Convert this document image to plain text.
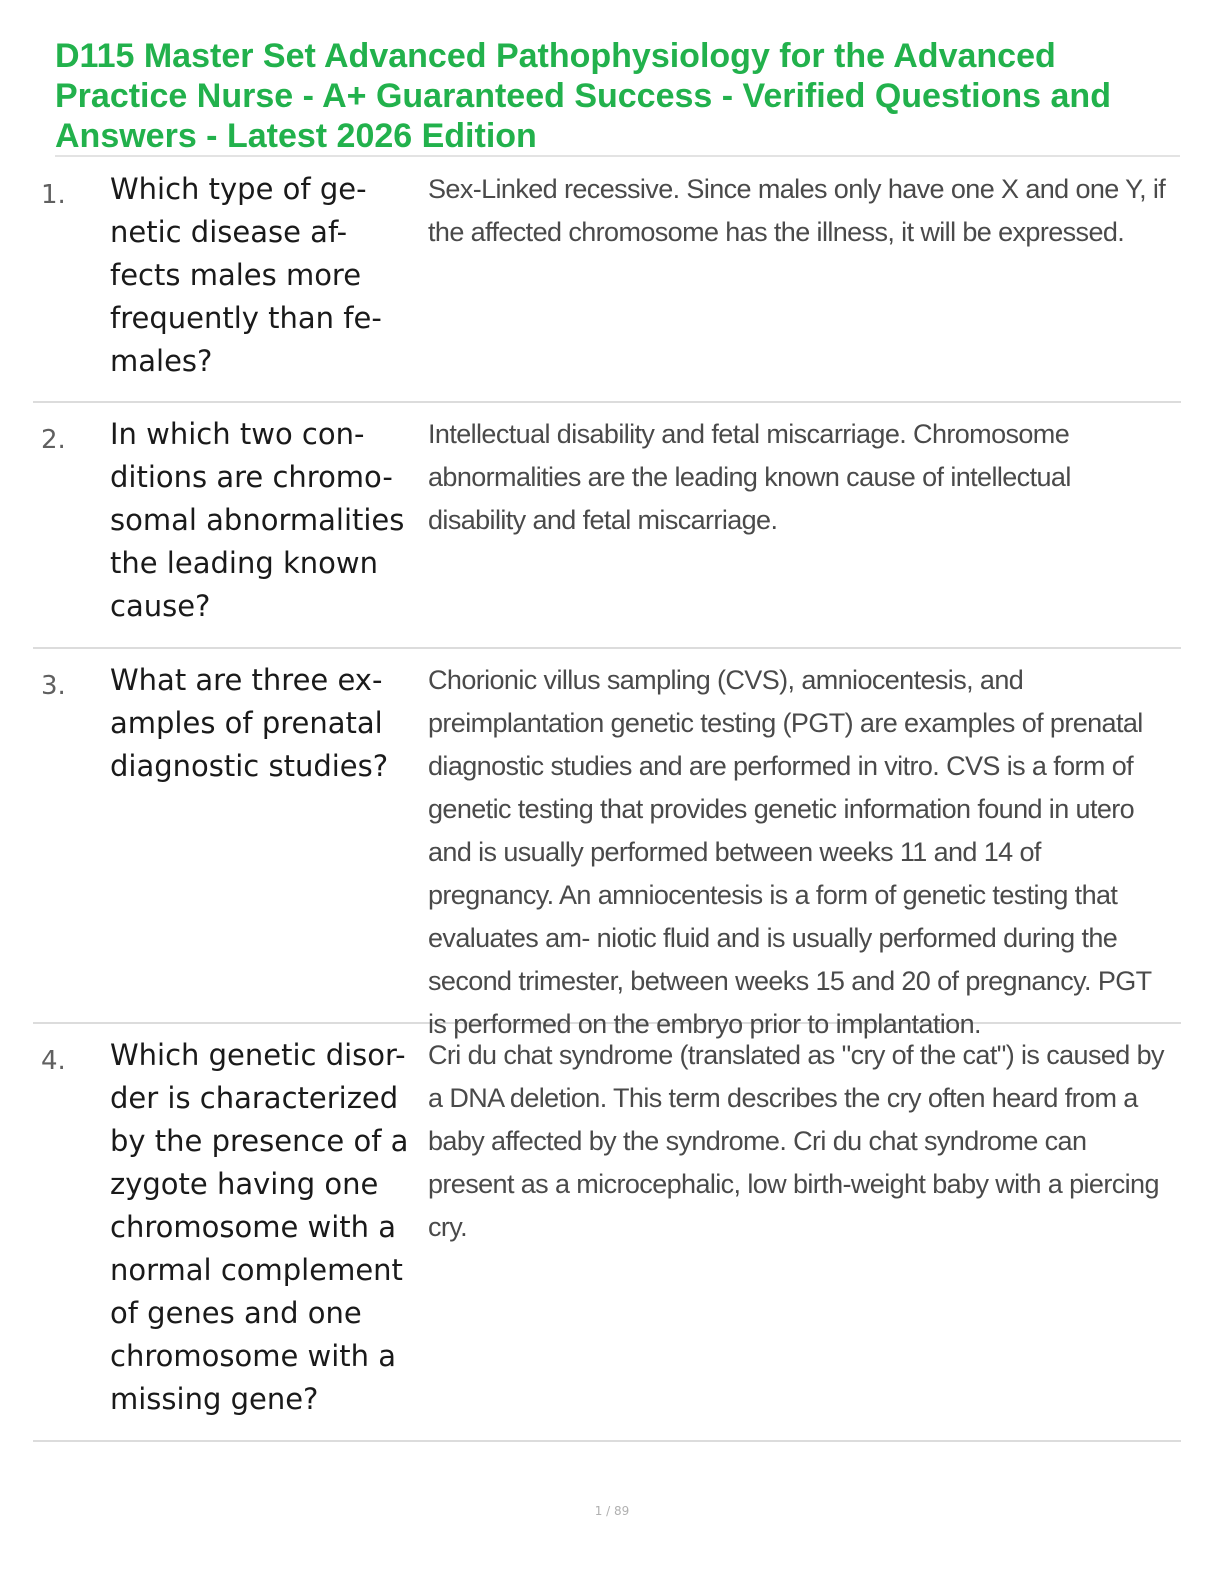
D115 Master Set Advanced Pathophysiology for the Advanced Practice Nurse - A+ Guaranteed Success - Verified Questions and Answers - Latest 2026 Edition
1. Which type of ge- netic disease af- fects males more frequently than fe- males?
Sex-Linked recessive. Since males only have one X and one Y, if the affected chromosome has the illness, it will be expressed.
2. In which two con- ditions are chromo- somal abnormalities the leading known cause?
Intellectual disability and fetal miscarriage. Chromosome abnormalities are the leading known cause of intellectual disability and fetal miscarriage.
3. What are three ex- amples of prenatal diagnostic studies?
Chorionic villus sampling (CVS), amniocentesis, and preimplantation genetic testing (PGT) are examples of prenatal diagnostic studies and are performed in vitro. CVS is a form of genetic testing that provides genetic information found in utero and is usually performed between weeks 11 and 14 of pregnancy. An amniocentesis is a form of genetic testing that evaluates am- niotic fluid and is usually performed during the second trimester, between weeks 15 and 20 of pregnancy. PGT is performed on the embryo prior to implantation.
4. Which genetic disor- der is characterized by the presence of a zygote having one chromosome with a normal complement of genes and one chromosome with a missing gene?
Cri du chat syndrome (translated as "cry of the cat") is caused by a DNA deletion. This term describes the cry often heard from a baby affected by the syndrome. Cri du chat syndrome can present as a microcephalic, low birth-weight baby with a piercing cry.
1 / 89
